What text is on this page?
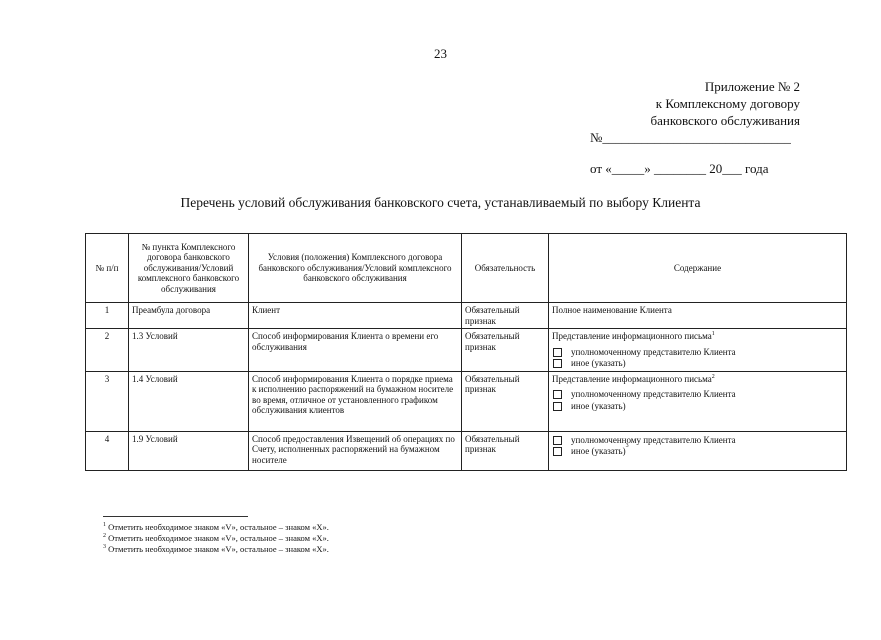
23
Приложение № 2
к Комплексному договору
банковского обслуживания
№_____________________________
от «_____» ________ 20___ года
Перечень условий обслуживания банковского счета, устанавливаемый по выбору Клиента
№ п/п	№ пункта Комплексного договора банковского обслуживания/Условий комплексного банковского обслуживания	Условия (положения) Комплексного договора банковского обслуживания/Условий комплексного банковского обслуживания	Обязательность	Содержание
1	Преамбула договора	Клиент	Обязательный признак	Полное наименование Клиента

2	1.3 Условий	Способ информирования Клиента о времени его обслуживания	Обязательный признак	Представление информационного письма$^1$
уполномоченному представителю Клиента
иное (указать)

3	1.4 Условий	Способ информирования Клиента о порядке приема к исполнению распоряжений на бумажном носителе во время, отличное от установленного графиком обслуживания клиентов	Обязательный признак	Представление информационного письма$^2$
уполномоченному представителю Клиента
иное (указать)

4	1.9 Условий	Способ предоставления Извещений об операциях по Счету, исполненных распоряжений на бумажном носителе	Обязательный признак	уполномоченному представителю Клиента
иное (указать) 3
$^1$ Отметить необходимое знаком «V», остальное – знаком «Х».
$^2$ Отметить необходимое знаком «V», остальное – знаком «Х».
$^3$ Отметить необходимое знаком «V», остальное – знаком «Х».
